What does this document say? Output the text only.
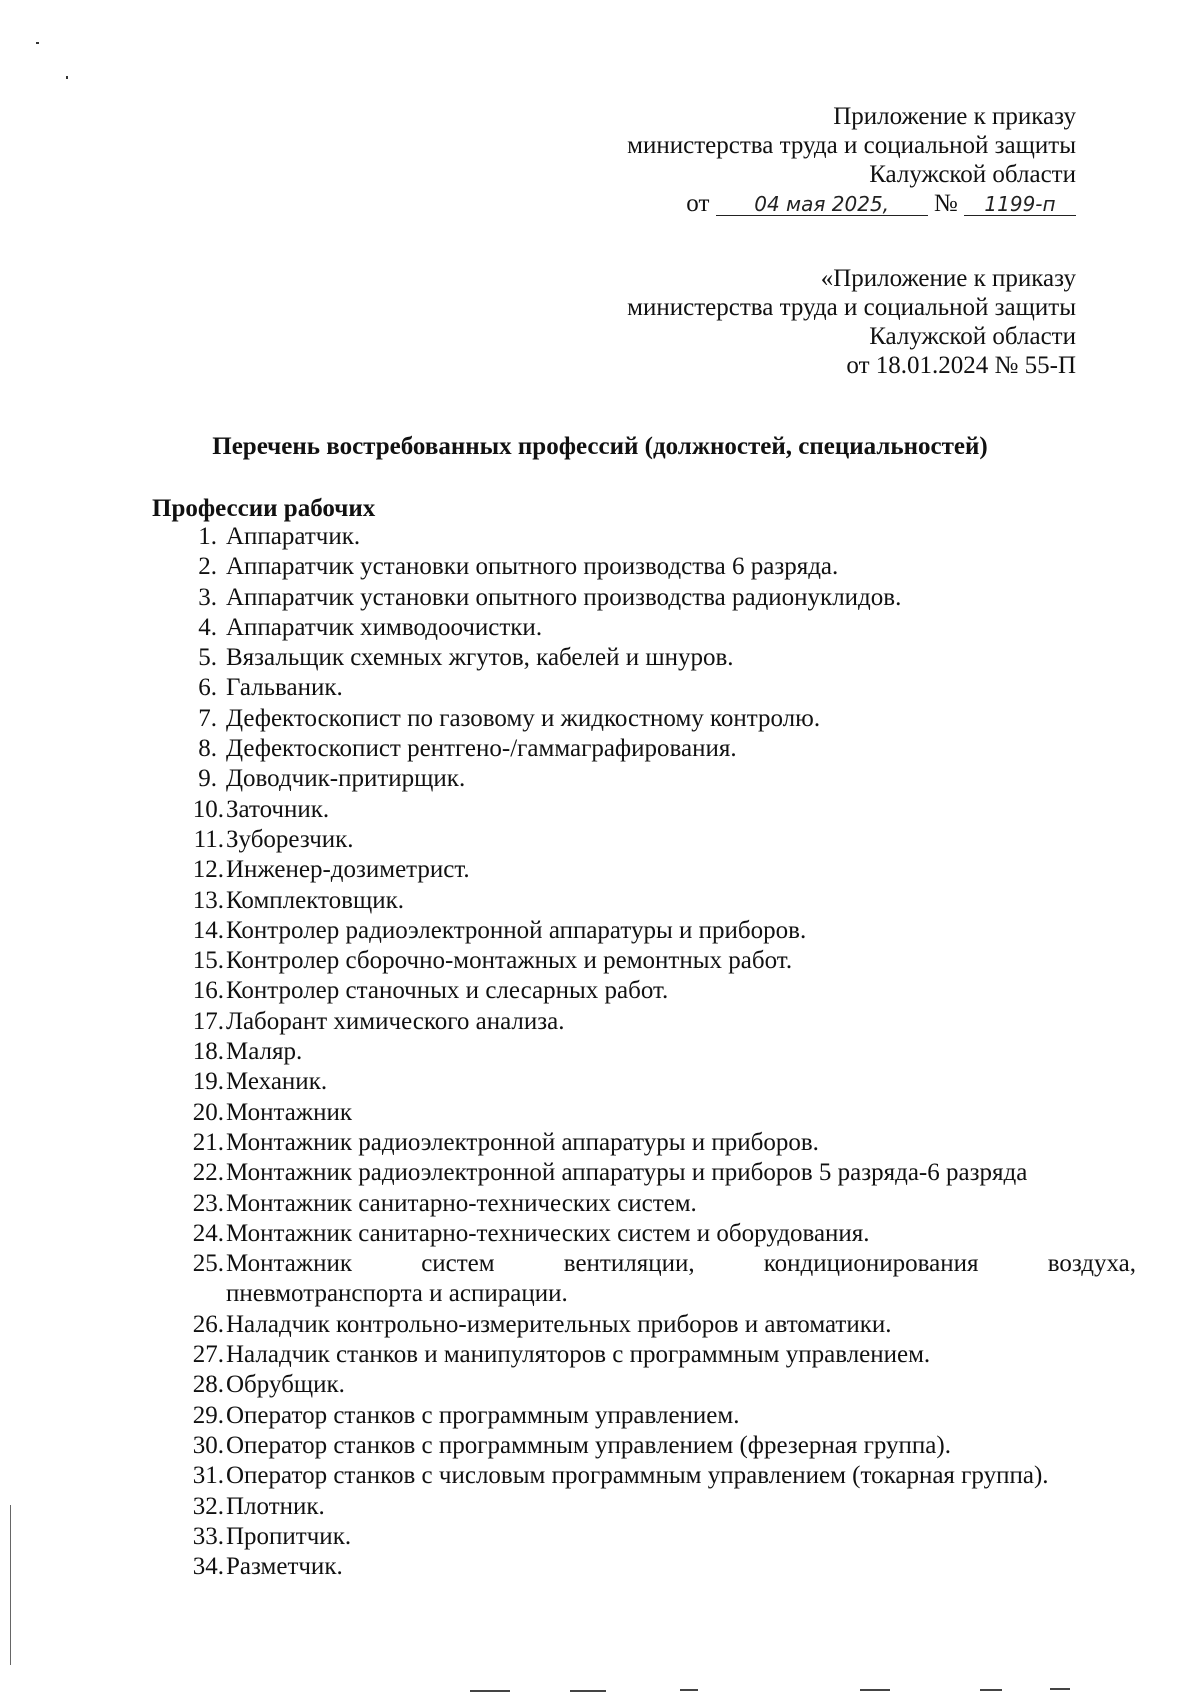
Приложение к приказу
министерства труда и социальной защиты
Калужской области
от 04 мая 2025, № 1199-п
«Приложение к приказу
министерства труда и социальной защиты
Калужской области
от 18.01.2024 № 55-П
Перечень востребованных профессий (должностей, специальностей)
Профессии рабочих
1. Аппаратчик.
2. Аппаратчик установки опытного производства 6 разряда.
3. Аппаратчик установки опытного производства радионуклидов.
4. Аппаратчик химводоочистки.
5. Вязальщик схемных жгутов, кабелей и шнуров.
6. Гальваник.
7. Дефектоскопист по газовому и жидкостному контролю.
8. Дефектоскопист рентгено-/гаммаграфирования.
9. Доводчик-притирщик.
10. Заточник.
11. Зуборезчик.
12. Инженер-дозиметрист.
13. Комплектовщик.
14. Контролер радиоэлектронной аппаратуры и приборов.
15. Контролер сборочно-монтажных и ремонтных работ.
16. Контролер станочных и слесарных работ.
17. Лаборант химического анализа.
18. Маляр.
19. Механик.
20. Монтажник
21. Монтажник радиоэлектронной аппаратуры и приборов.
22. Монтажник радиоэлектронной аппаратуры и приборов 5 разряда-6 разряда
23. Монтажник санитарно-технических систем.
24. Монтажник санитарно-технических систем и оборудования.
25. Монтажник	систем	вентиляции,	кондиционирования	воздуха,
пневмотранспорта и аспирации.
26. Наладчик контрольно-измерительных приборов и автоматики.
27. Наладчик станков и манипуляторов с программным управлением.
28. Обрубщик.
29. Оператор станков с программным управлением.
30. Оператор станков с программным управлением (фрезерная группа).
31. Оператор станков с числовым программным управлением (токарная группа).
32. Плотник.
33. Пропитчик.
34. Разметчик.
